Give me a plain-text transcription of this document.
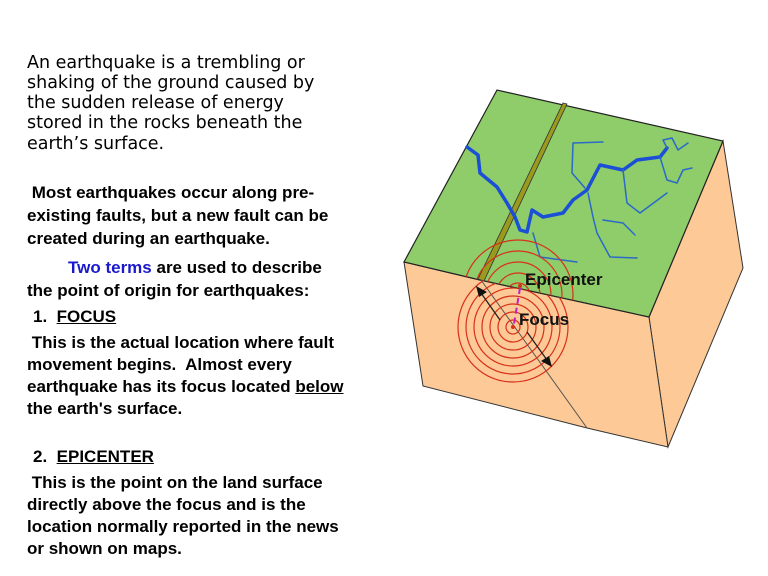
An earthquake is a trembling or
shaking of the ground caused by
the sudden release of energy
stored in the rocks beneath the
earth’s surface.
Most earthquakes occur along pre-
existing faults, but a new fault can be
created during an earthquake.
Two terms are used to describe
the point of origin for earthquakes:
1. FOCUS
This is the actual location where fault
movement begins.  Almost every
earthquake has its focus located below
the earth's surface.
2. EPICENTER
This is the point on the land surface
directly above the focus and is the
location normally reported in the news
or shown on maps.
Epicenter
Focus
